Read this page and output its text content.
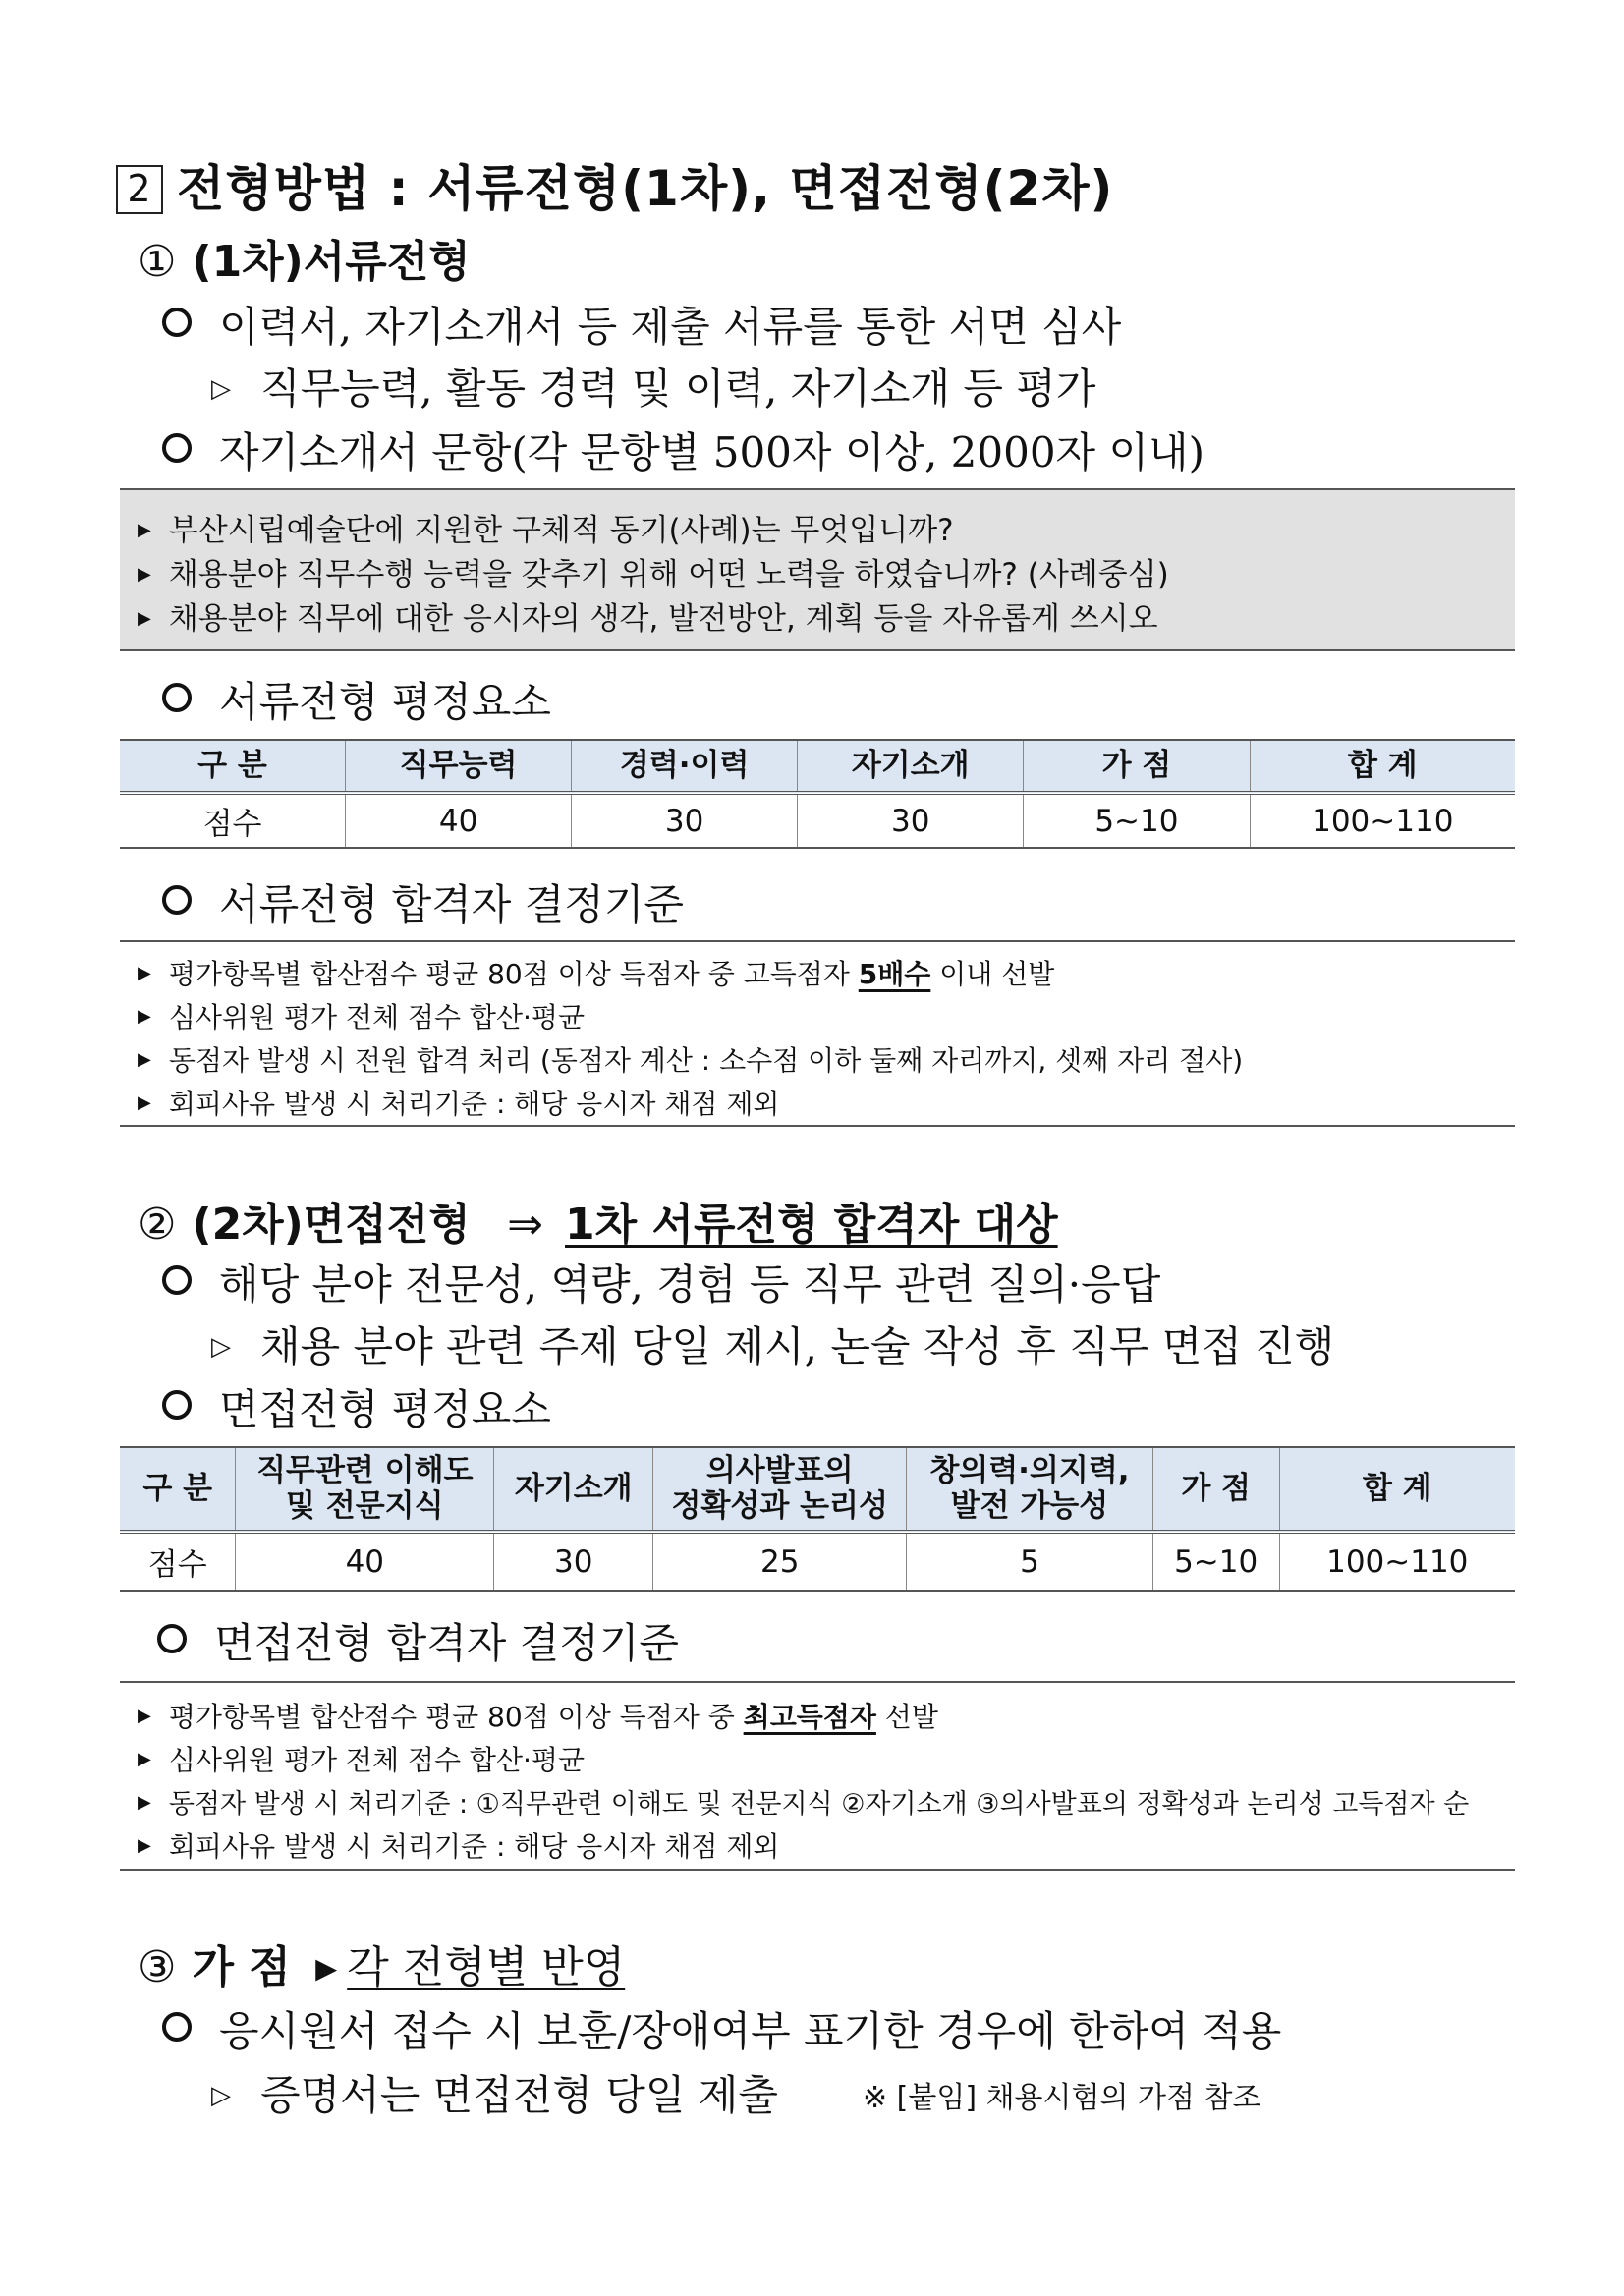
2 전형방법 : 서류전형(1차), 면접전형(2차)
① (1차)서류전형
이력서, 자기소개서 등 제출 서류를 통한 서면 심사
▷ 직무능력, 활동 경력 및 이력, 자기소개 등 평가
자기소개서 문항(각 문항별 500자 이상, 2000자 이내)
▶ 부산시립예술단에 지원한 구체적 동기(사례)는 무엇입니까?
▶ 채용분야 직무수행 능력을 갖추기 위해 어떤 노력을 하였습니까? (사례중심)
▶ 채용분야 직무에 대한 응시자의 생각, 발전방안, 계획 등을 자유롭게 쓰시오
서류전형 평정요소
구 분	직무능력	경력·이력	자기소개	가 점	합 계
점수	40	30	30	5~10	100~110
서류전형 합격자 결정기준
▶ 평가항목별 합산점수 평균 80점 이상 득점자 중 고득점자 5배수 이내 선발
▶ 심사위원 평가 전체 점수 합산·평균
▶ 동점자 발생 시 전원 합격 처리 (동점자 계산 : 소수점 이하 둘째 자리까지, 셋째 자리 절사)
▶ 회피사유 발생 시 처리기준 : 해당 응시자 채점 제외
② (2차)면접전형 ⇒ 1차 서류전형 합격자 대상
해당 분야 전문성, 역량, 경험 등 직무 관련 질의·응답
▷ 채용 분야 관련 주제 당일 제시, 논술 작성 후 직무 면접 진행
면접전형 평정요소
구 분	직무관련 이해도
및 전문지식	자기소개	의사발표의
정확성과 논리성	창의력·의지력,
발전 가능성	가 점	합 계
점수	40	30	25	5	5~10	100~110
면접전형 합격자 결정기준
▶ 평가항목별 합산점수 평균 80점 이상 득점자 중 최고득점자 선발
▶ 심사위원 평가 전체 점수 합산·평균
▶ 동점자 발생 시 처리기준 : ①직무관련 이해도 및 전문지식 ②자기소개 ③의사발표의 정확성과 논리성 고득점자 순
▶ 회피사유 발생 시 처리기준 : 해당 응시자 채점 제외
③ 가 점 ▸ 각 전형별 반영
응시원서 접수 시 보훈/장애여부 표기한 경우에 한하여 적용
▷ 증명서는 면접전형 당일 제출	※ [붙임] 채용시험의 가점 참조
